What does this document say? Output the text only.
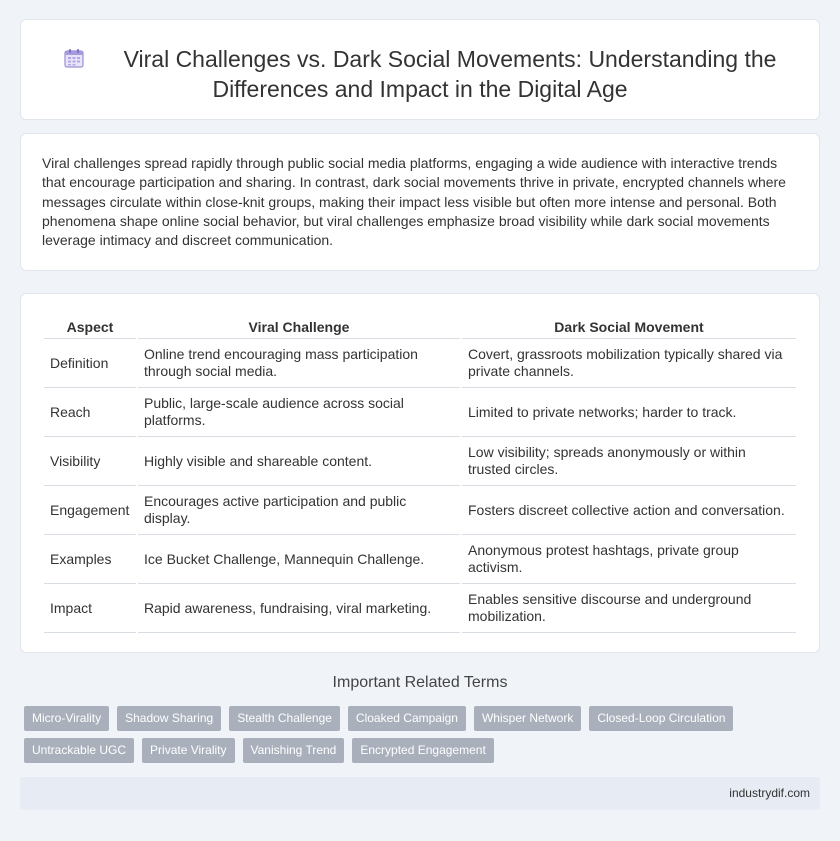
Viral Challenges vs. Dark Social Movements: Understanding the
Differences and Impact in the Digital Age

Viral challenges spread rapidly through public social media platforms, engaging a wide audience with interactive trends that encourage participation and sharing. In contrast, dark social movements thrive in private, encrypted channels where messages circulate within close-knit groups, making their impact less visible but often more intense and personal. Both phenomena shape online social behavior, but viral challenges emphasize broad visibility while dark social movements leverage intimacy and discreet communication.

Aspect	Viral Challenge	Dark Social Movement
Definition	Online trend encouraging mass participation through social media.	Covert, grassroots mobilization typically shared via private channels.
Reach	Public, large-scale audience across social platforms.	Limited to private networks; harder to track.
Visibility	Highly visible and shareable content.	Low visibility; spreads anonymously or within trusted circles.
Engagement	Encourages active participation and public display.	Fosters discreet collective action and conversation.
Examples	Ice Bucket Challenge, Mannequin Challenge.	Anonymous protest hashtags, private group activism.
Impact	Rapid awareness, fundraising, viral marketing.	Enables sensitive discourse and underground mobilization.
Important Related Terms
Micro-Virality	Shadow Sharing	Stealth Challenge	Cloaked Campaign	Whisper Network	Closed-Loop Circulation
Untrackable UGC	Private Virality	Vanishing Trend	Encrypted Engagement
industrydif.com
